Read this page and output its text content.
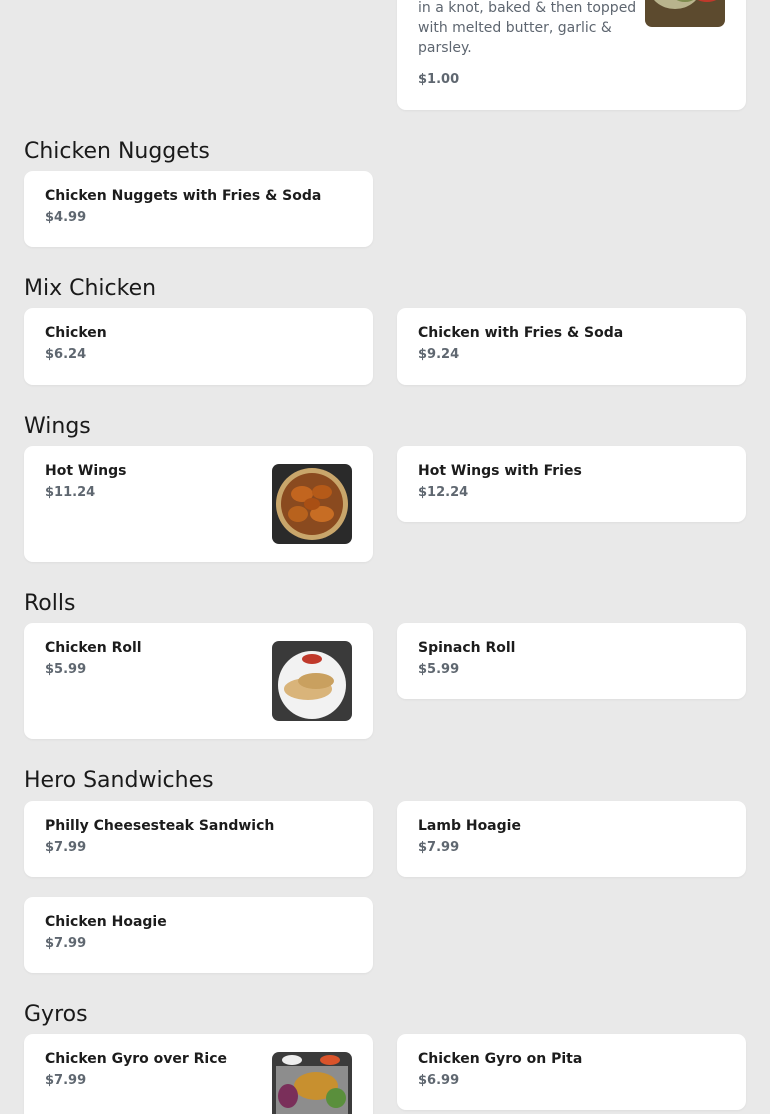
in a knot, baked & then topped with melted butter, garlic & parsley.
$1.00
Chicken Nuggets
Chicken Nuggets with Fries & Soda
$4.99
Mix Chicken
Chicken
$6.24
Chicken with Fries & Soda
$9.24
Wings
Hot Wings
$11.24
Hot Wings with Fries
$12.24
Rolls
Chicken Roll
$5.99
Spinach Roll
$5.99
Hero Sandwiches
Philly Cheesesteak Sandwich
$7.99
Lamb Hoagie
$7.99
Chicken Hoagie
$7.99
Gyros
Chicken Gyro over Rice
$7.99
Chicken Gyro on Pita
$6.99
